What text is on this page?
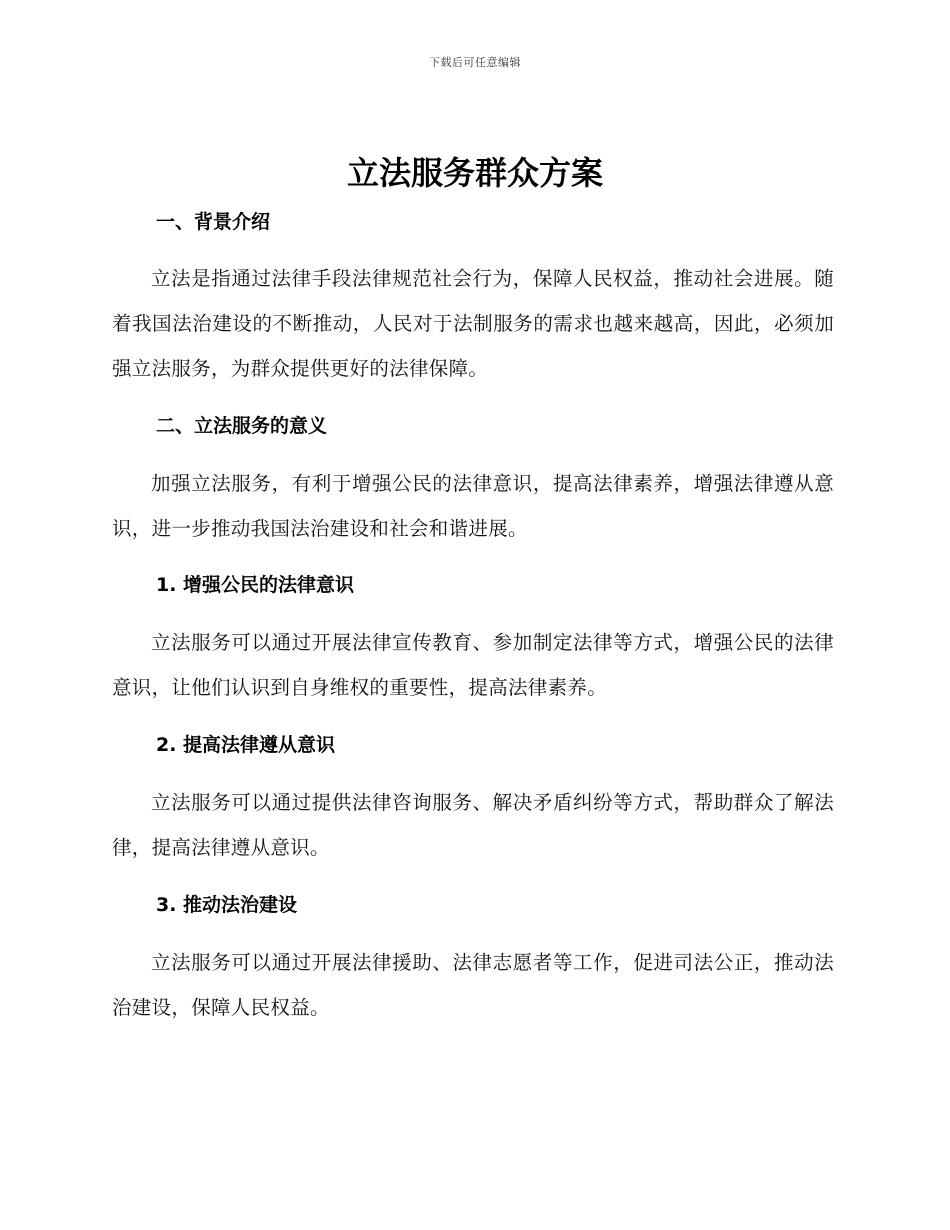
下载后可任意编辑
立法服务群众方案
一、背景介绍

立法是指通过法律手段法律规范社会行为，保障人民权益，推动社会进展。随着我国法治建设的不断推动，人民对于法制服务的需求也越来越高，因此，必须加强立法服务，为群众提供更好的法律保障。

二、立法服务的意义

加强立法服务，有利于增强公民的法律意识，提高法律素养，增强法律遵从意识，进一步推动我国法治建设和社会和谐进展。

1. 增强公民的法律意识

立法服务可以通过开展法律宣传教育、参加制定法律等方式，增强公民的法律意识，让他们认识到自身维权的重要性，提高法律素养。

2. 提高法律遵从意识

立法服务可以通过提供法律咨询服务、解决矛盾纠纷等方式，帮助群众了解法律，提高法律遵从意识。

3. 推动法治建设

立法服务可以通过开展法律援助、法律志愿者等工作，促进司法公正，推动法治建设，保障人民权益。
